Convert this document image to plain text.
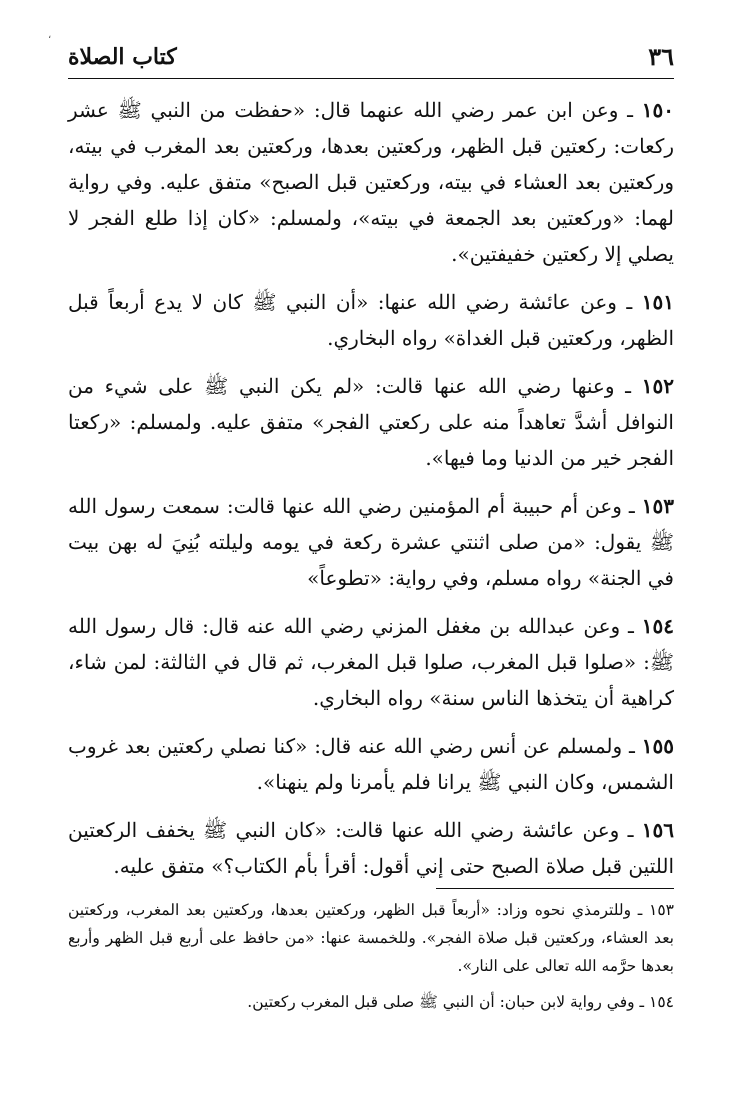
،
كتاب الصلاة	٣٦

١٥٠ ـ وعن ابن عمر رضي الله عنهما قال: «حفظت من النبي ﷺ عشر ركعات: ركعتين قبل الظهر، وركعتين بعدها، وركعتين بعد المغرب في بيته، وركعتين بعد العشاء في بيته، وركعتين قبل الصبح» متفق عليه. وفي رواية لهما: «وركعتين بعد الجمعة في بيته»، ولمسلم: «كان إذا طلع الفجر لا يصلي إلا ركعتين خفيفتين».

١٥١ ـ وعن عائشة رضي الله عنها: «أن النبي ﷺ كان لا يدع أربعاً قبل الظهر، وركعتين قبل الغداة» رواه البخاري.

١٥٢ ـ وعنها رضي الله عنها قالت: «لم يكن النبي ﷺ على شيء من النوافل أشدَّ تعاهداً منه على ركعتي الفجر» متفق عليه. ولمسلم: «ركعتا الفجر خير من الدنيا وما فيها».

١٥٣ ـ وعن أم حبيبة أم المؤمنين رضي الله عنها قالت: سمعت رسول الله ﷺ يقول: «من صلى اثنتي عشرة ركعة في يومه وليلته بُنِيَ له بهن بيت في الجنة» رواه مسلم، وفي رواية: «تطوعاً»

١٥٤ ـ وعن عبدالله بن مغفل المزني رضي الله عنه قال: قال رسول الله ﷺ: «صلوا قبل المغرب، صلوا قبل المغرب، ثم قال في الثالثة: لمن شاء، كراهية أن يتخذها الناس سنة» رواه البخاري.

١٥٥ ـ ولمسلم عن أنس رضي الله عنه قال: «كنا نصلي ركعتين بعد غروب الشمس، وكان النبي ﷺ يرانا فلم يأمرنا ولم ينهنا».

١٥٦ ـ وعن عائشة رضي الله عنها قالت: «كان النبي ﷺ يخفف الركعتين اللتين قبل صلاة الصبح حتى إني أقول: أقرأ بأم الكتاب؟» متفق عليه.

١٥٣ ـ وللترمذي نحوه وزاد: «أربعاً قبل الظهر، وركعتين بعدها، وركعتين بعد المغرب، وركعتين بعد العشاء، وركعتين قبل صلاة الفجر». وللخمسة عنها: «من حافظ على أربع قبل الظهر وأربع بعدها حرَّمه الله تعالى على النار».

١٥٤ ـ وفي رواية لابن حبان: أن النبي ﷺ صلى قبل المغرب ركعتين.
